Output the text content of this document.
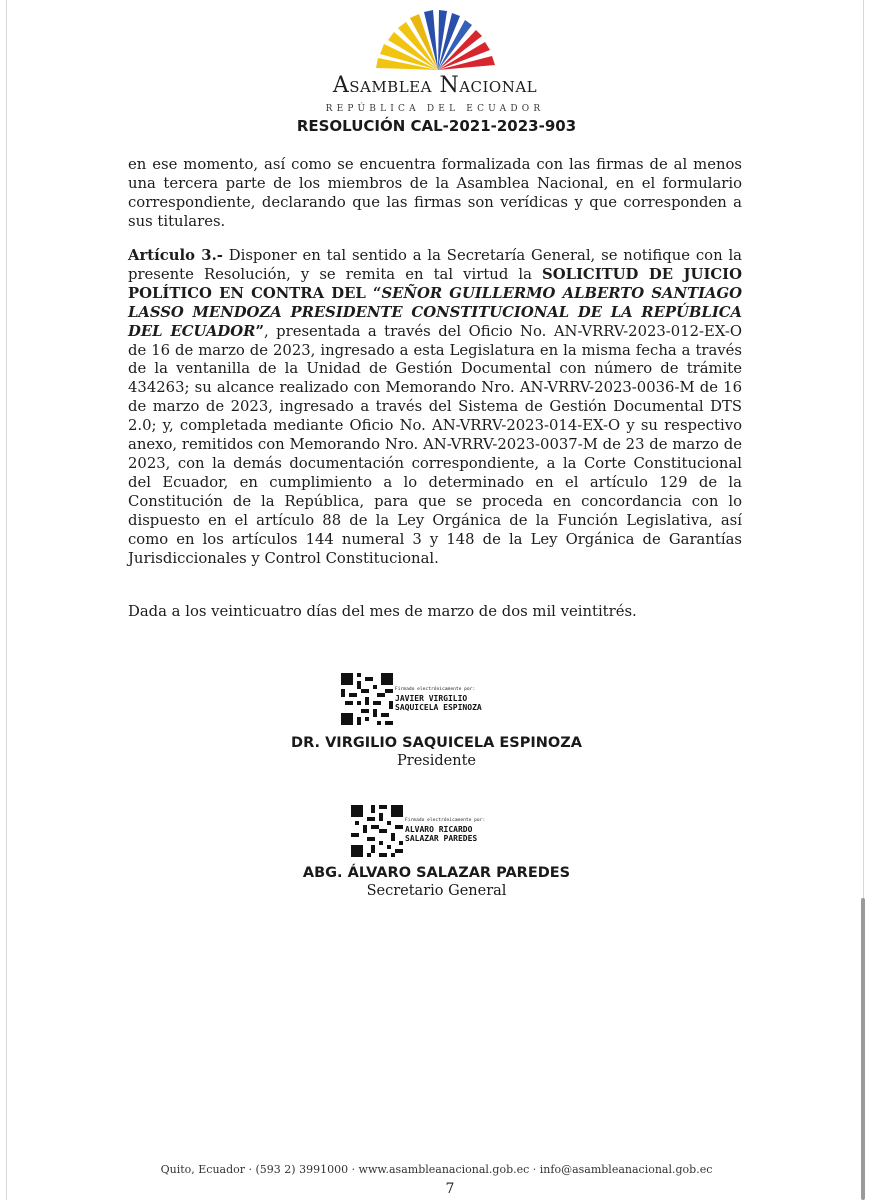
Asamblea Nacional
REPÚBLICA DEL ECUADOR
RESOLUCIÓN CAL-2021-2023-903
en ese momento, así como se encuentra formalizada con las firmas de al menos una tercera parte de los miembros de la Asamblea Nacional, en el formulario correspondiente, declarando que las firmas son verídicas y que corresponden a sus titulares.
Artículo 3.- Disponer en tal sentido a la Secretaría General, se notifique con la presente Resolución, y se remita en tal virtud la SOLICITUD DE JUICIO POLÍTICO EN CONTRA DEL “SEÑOR GUILLERMO ALBERTO SANTIAGO LASSO MENDOZA PRESIDENTE CONSTITUCIONAL DE LA REPÚBLICA DEL ECUADOR”, presentada a través del Oficio No. AN-VRRV-2023-012-EX-O de 16 de marzo de 2023, ingresado a esta Legislatura en la misma fecha a través de la ventanilla de la Unidad de Gestión Documental con número de trámite 434263; su alcance realizado con Memorando Nro. AN-VRRV-2023-0036-M de 16 de marzo de 2023, ingresado a través del Sistema de Gestión Documental DTS 2.0; y, completada mediante Oficio No. AN-VRRV-2023-014-EX-O y su respectivo anexo, remitidos con Memorando Nro. AN-VRRV-2023-0037-M de 23 de marzo de 2023, con la demás documentación correspondiente, a la Corte Constitucional del Ecuador, en cumplimiento a lo determinado en el artículo 129 de la Constitución de la República, para que se proceda en concordancia con lo dispuesto en el artículo 88 de la Ley Orgánica de la Función Legislativa, así como en los artículos 144 numeral 3 y 148 de la Ley Orgánica de Garantías Jurisdiccionales y Control Constitucional.
Dada a los veinticuatro días del mes de marzo de dos mil veintitrés.
Firmado electrónicamente por:
JAVIER VIRGILIO
SAQUICELA ESPINOZA
DR. VIRGILIO SAQUICELA ESPINOZA
Presidente
Firmado electrónicamente por:
ALVARO RICARDO
SALAZAR PAREDES
ABG. ÁLVARO SALAZAR PAREDES
Secretario General
Quito, Ecuador · (593 2) 3991000 · www.asambleanacional.gob.ec · info@asambleanacional.gob.ec
7
